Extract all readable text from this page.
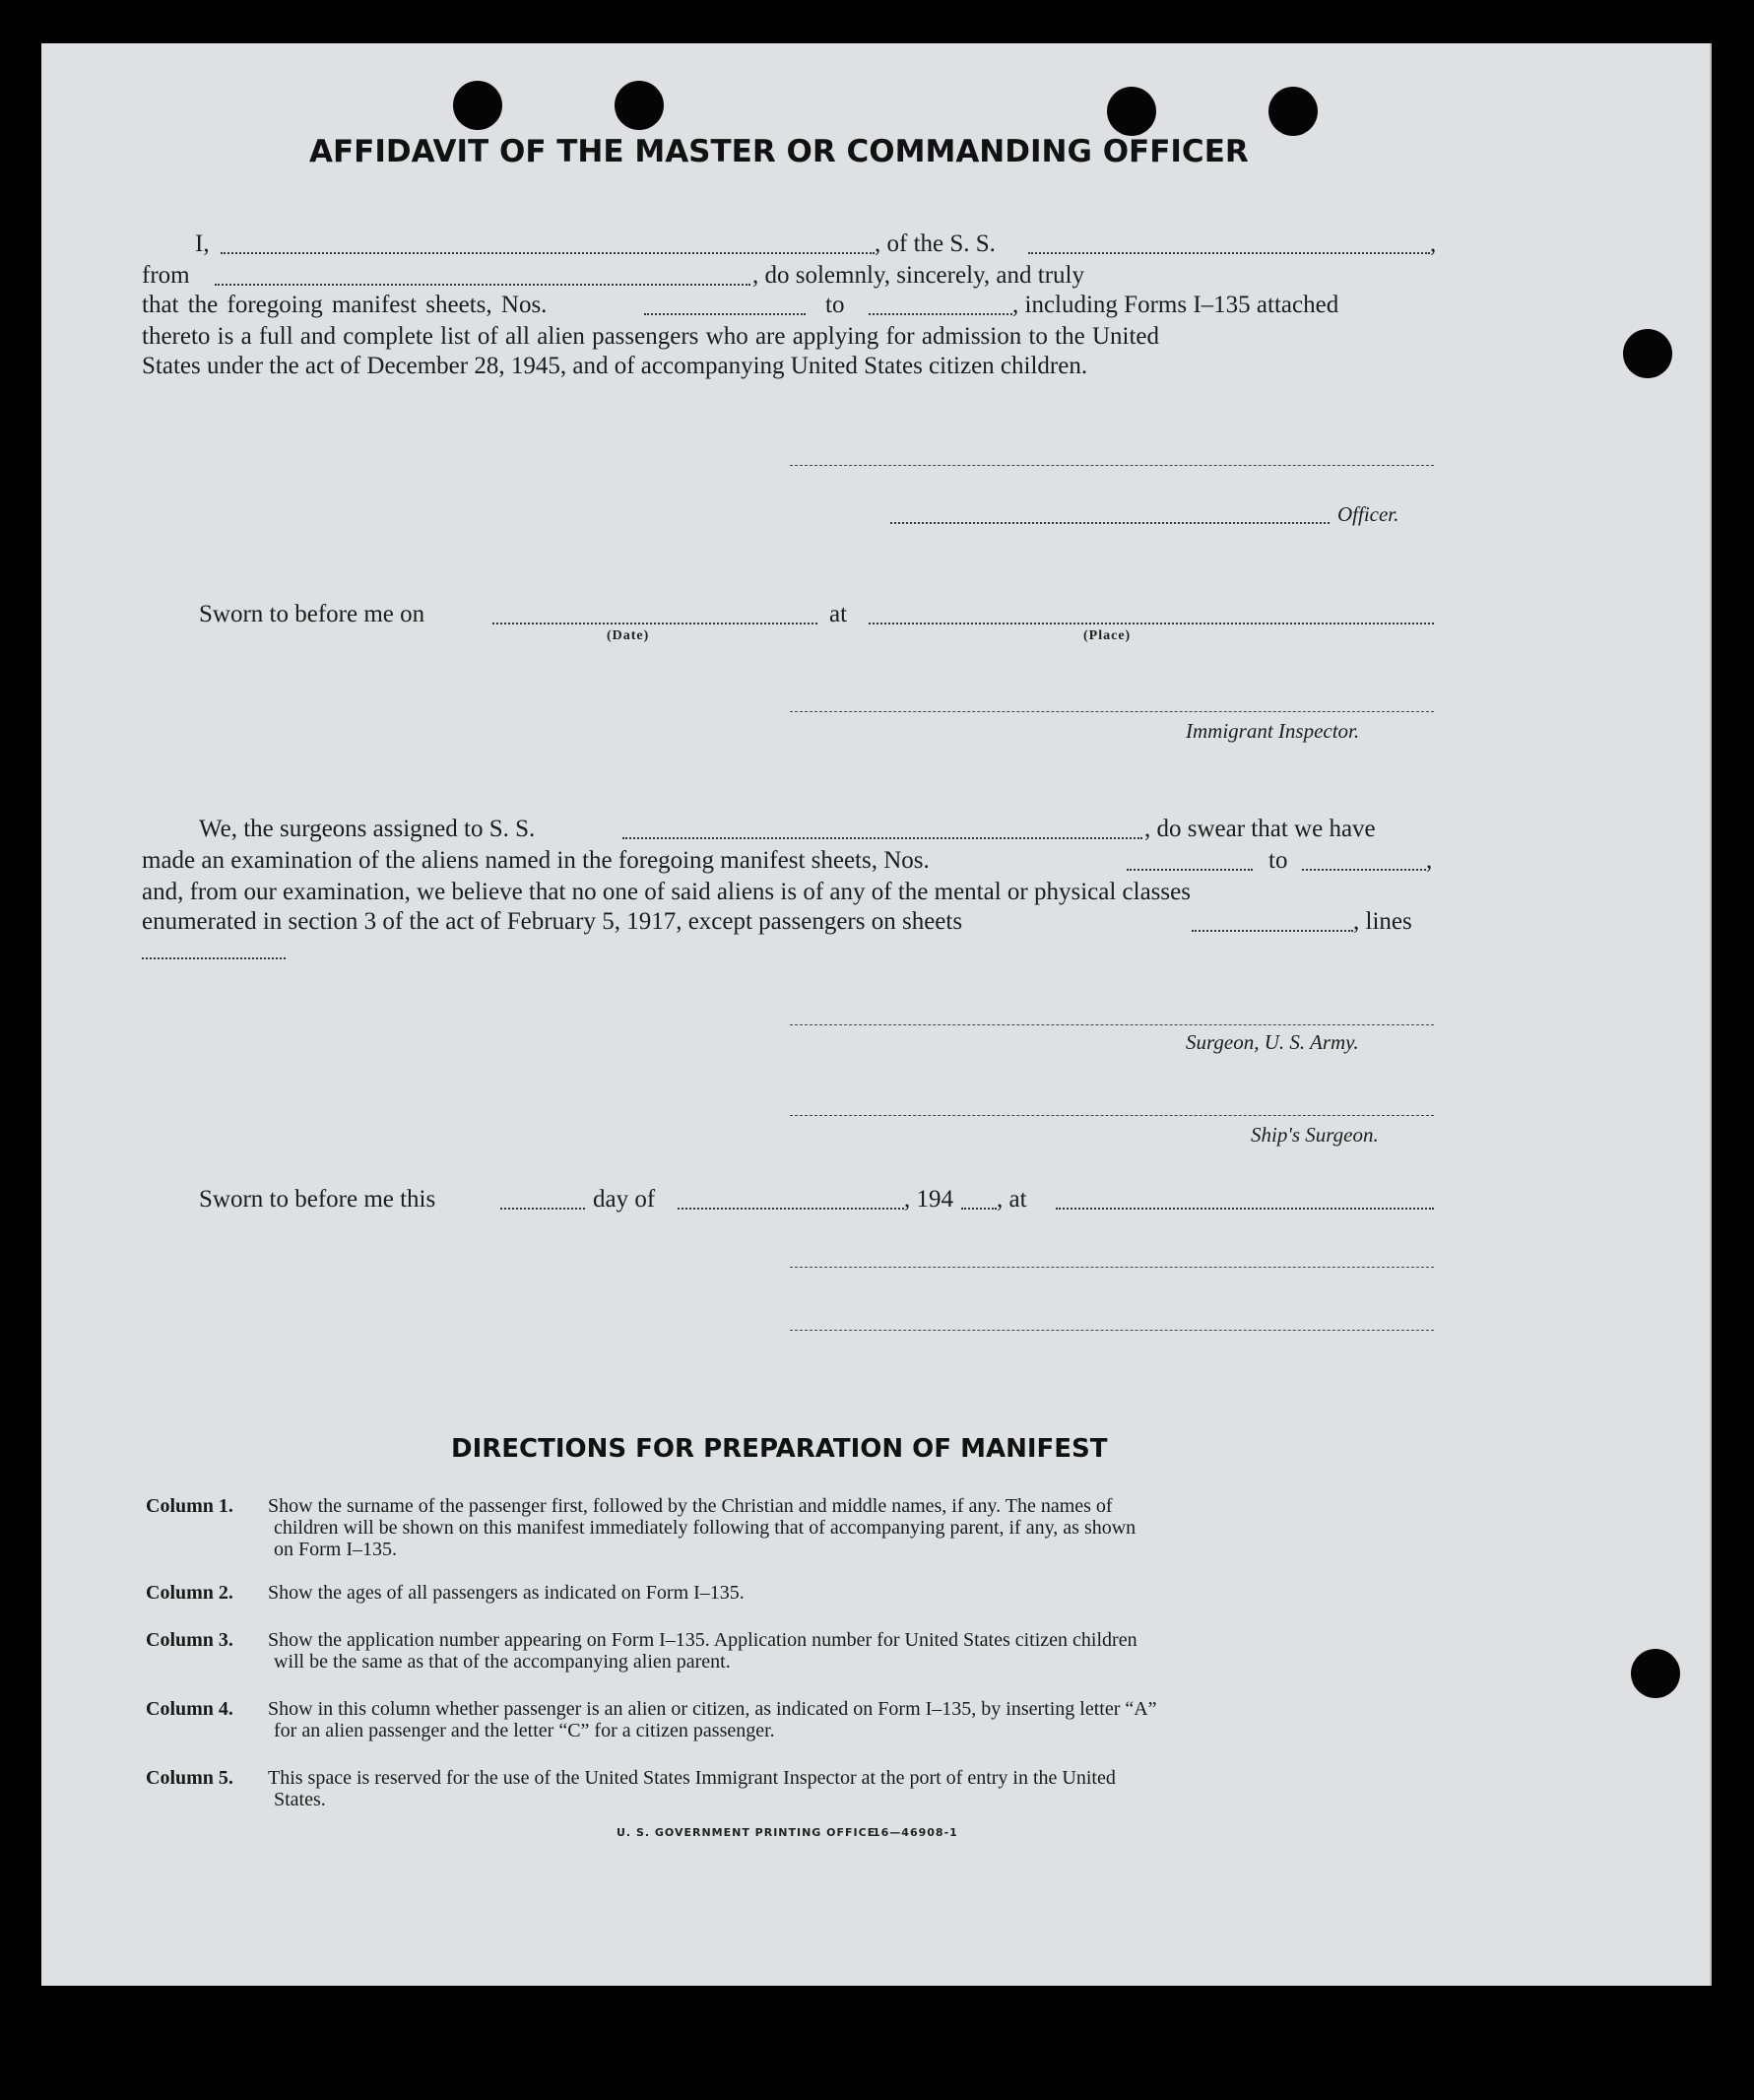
AFFIDAVIT OF THE MASTER OR COMMANDING OFFICER
I,	, of the S. S.	,
from	, do solemnly, sincerely, and truly
that the foregoing manifest sheets, Nos.	to	, including Forms I–135 attached
thereto is a full and complete list of all alien passengers who are applying for admission to the United
States under the act of December 28, 1945, and of accompanying United States citizen children.
Officer.
Sworn to before me on	at
(Date)	(Place)
Immigrant Inspector.
We, the surgeons assigned to S. S.	, do swear that we have
made an examination of the aliens named in the foregoing manifest sheets, Nos.	to	,
and, from our examination, we believe that no one of said aliens is of any of the mental or physical classes
enumerated in section 3 of the act of February 5, 1917, except passengers on sheets	, lines
Surgeon, U. S. Army.
Ship's Surgeon.
Sworn to before me this	day of	, 194 , at
DIRECTIONS FOR PREPARATION OF MANIFEST
Column 1. Show the surname of the passenger first, followed by the Christian and middle names, if any. The names of
children will be shown on this manifest immediately following that of accompanying parent, if any, as shown
on Form I–135.
Column 2. Show the ages of all passengers as indicated on Form I–135.
Column 3. Show the application number appearing on Form I–135. Application number for United States citizen children
will be the same as that of the accompanying alien parent.
Column 4. Show in this column whether passenger is an alien or citizen, as indicated on Form I–135, by inserting letter “A”
for an alien passenger and the letter “C” for a citizen passenger.
Column 5. This space is reserved for the use of the United States Immigrant Inspector at the port of entry in the United
States.
U. S. GOVERNMENT PRINTING OFFICE
16—46908-1
